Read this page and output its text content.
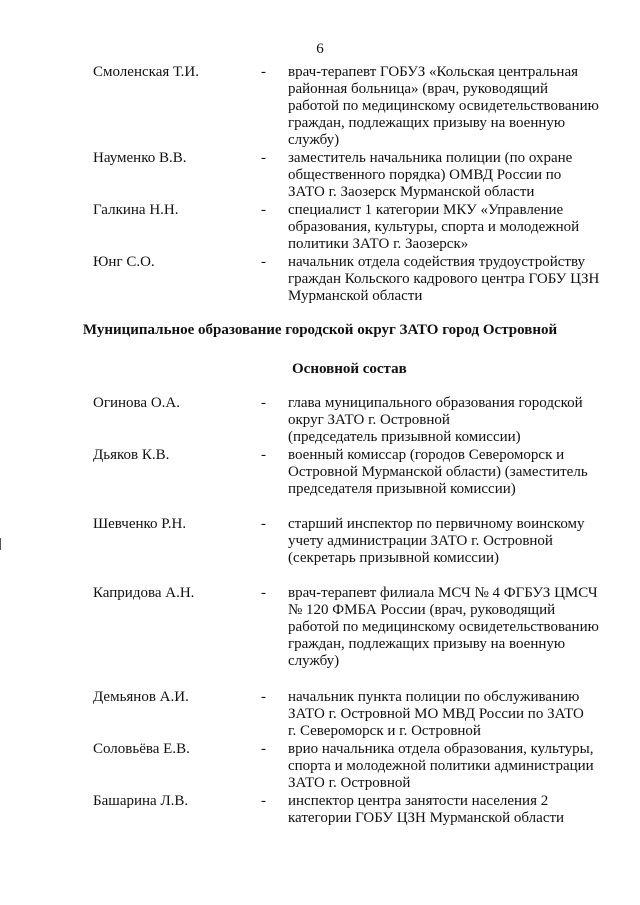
6
Смоленская Т.И.	- врач-терапевт ГОБУЗ «Кольская центральная
районная больница» (врач, руководящий
работой по медицинскому освидетельствованию
граждан, подлежащих призыву на военную
службу)
Науменко В.В.	- заместитель начальника полиции (по охране
общественного порядка) ОМВД России по
ЗАТО г. Заозерск Мурманской области
Галкина Н.Н.	- специалист 1 категории МКУ «Управление
образования, культуры, спорта и молодежной
политики ЗАТО г. Заозерск»
Юнг С.О.	- начальник отдела содействия трудоустройству
граждан Кольского кадрового центра ГОБУ ЦЗН
Мурманской области
Муниципальное образование городской округ ЗАТО город Островной
Основной состав
Огинова О.А.	- глава муниципального образования городской
округ ЗАТО г. Островной
(председатель призывной комиссии)
Дьяков К.В.	- военный комиссар (городов Североморск и
Островной Мурманской области) (заместитель
председателя призывной комиссии)
Шевченко Р.Н.	- старший инспектор по первичному воинскому
учету администрации ЗАТО г. Островной
(секретарь призывной комиссии)
Капридова А.Н.	- врач-терапевт филиала МСЧ № 4 ФГБУЗ ЦМСЧ
№ 120 ФМБА России (врач, руководящий
работой по медицинскому освидетельствованию
граждан, подлежащих призыву на военную
службу)
Демьянов А.И.	- начальник пункта полиции по обслуживанию
ЗАТО г. Островной МО МВД России по ЗАТО
г. Североморск и г. Островной
Соловьёва Е.В.	- врио начальника отдела образования, культуры,
спорта и молодежной политики администрации
ЗАТО г. Островной
Башарина Л.В.	- инспектор центра занятости населения 2
категории ГОБУ ЦЗН Мурманской области
